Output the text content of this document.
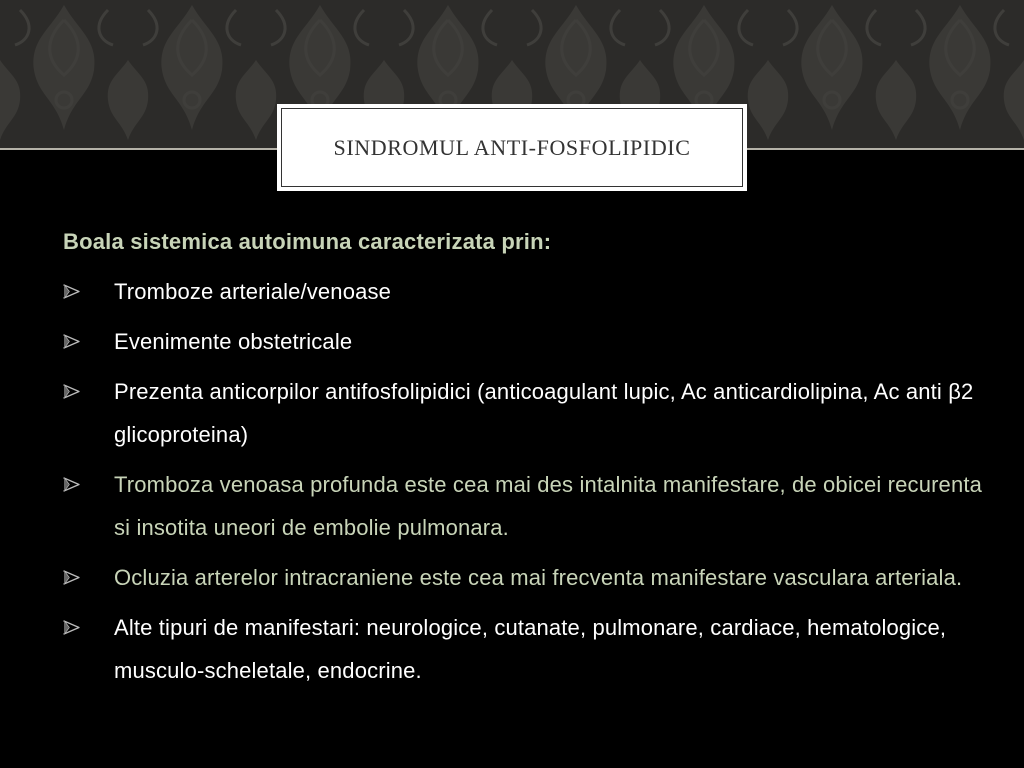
SINDROMUL ANTI-FOSFOLIPIDIC
Boala sistemica autoimuna caracterizata prin:
Tromboze arteriale/venoase
Evenimente obstetricale
Prezenta anticorpilor antifosfolipidici (anticoagulant lupic, Ac anticardiolipina, Ac anti β2 glicoproteina)
Tromboza venoasa profunda este cea mai des intalnita manifestare, de obicei recurenta si insotita uneori de embolie pulmonara.
Ocluzia arterelor intracraniene este cea mai frecventa manifestare vasculara arteriala.
Alte tipuri de manifestari: neurologice, cutanate, pulmonare, cardiace, hematologice, musculo-scheletale, endocrine.
